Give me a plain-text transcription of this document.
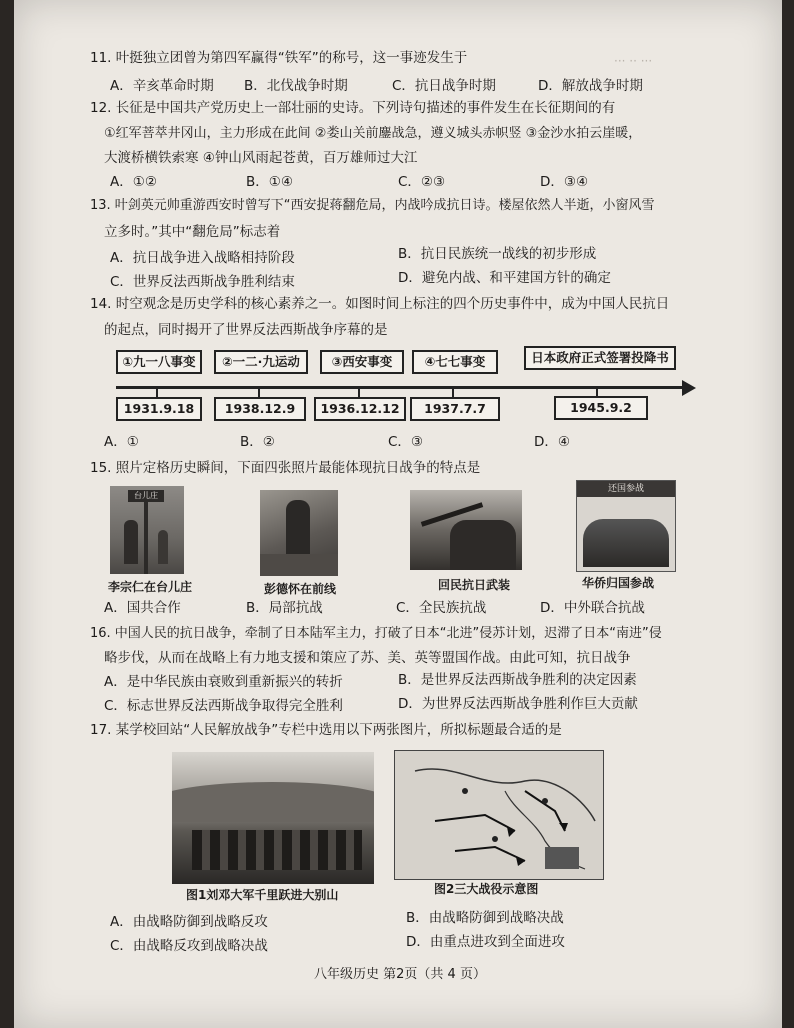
··· ·· ···
11. 叶挺独立团曾为第四军赢得“铁军”的称号，这一事迹发生于
A．辛亥革命时期 B．北伐战争时期	C．抗日战争时期	D．解放战争时期
12. 长征是中国共产党历史上一部壮丽的史诗。下列诗句描述的事件发生在长征期间的有
①红军菩萃井冈山，主力形成在此间 ②娄山关前鏖战急，遵义城头赤帜竖 ③金沙水拍云崖暖，
大渡桥横铁索寒 ④钟山风雨起苍黄，百万雄师过大江
A．①②	B．①④	C．②③	D．③④
13. 叶剑英元帅重游西安时曾写下“西安捉蒋翻危局，内战吟成抗日诗。楼屋依然人半逝，小窗风雪
立多时。”其中“翻危局”标志着
A．抗日战争进入战略相持阶段	B．抗日民族统一战线的初步形成
C．世界反法西斯战争胜利结束	D．避免内战、和平建国方针的确定
14. 时空观念是历史学科的核心素养之一。如图时间上标注的四个历史事件中，成为中国人民抗日
的起点，同时揭开了世界反法西斯战争序幕的是
①九一八事变	②一二·九运动	③西安事变	④七七事变	日本政府正式签署投降书
1931.9.18	1938.12.9	1936.12.12	1937.7.7	1945.9.2
A．①	B．②	C．③	D．④
15. 照片定格历史瞬间，下面四张照片最能体现抗日战争的特点是
台儿庄
李宗仁在台儿庄	彭德怀在前线	回民抗日武装
还国参战
华侨归国参战
A．国共合作	B．局部抗战	C．全民族抗战	D．中外联合抗战
16. 中国人民的抗日战争，牵制了日本陆军主力，打破了日本“北进”侵苏计划，迟滞了日本“南进”侵
略步伐，从而在战略上有力地支援和策应了苏、美、英等盟国作战。由此可知，抗日战争
A．是中华民族由衰败到重新振兴的转折	B．是世界反法西斯战争胜利的决定因素
C．标志世界反法西斯战争取得完全胜利	D．为世界反法西斯战争胜利作巨大贡献
17. 某学校回站“人民解放战争”专栏中选用以下两张图片，所拟标题最合适的是
图1刘邓大军千里跃进大别山	图2三大战役示意图
A．由战略防御到战略反攻	B．由战略防御到战略决战
C．由战略反攻到战略决战	D．由重点进攻到全面进攻
八年级历史 第2页（共 4 页）
